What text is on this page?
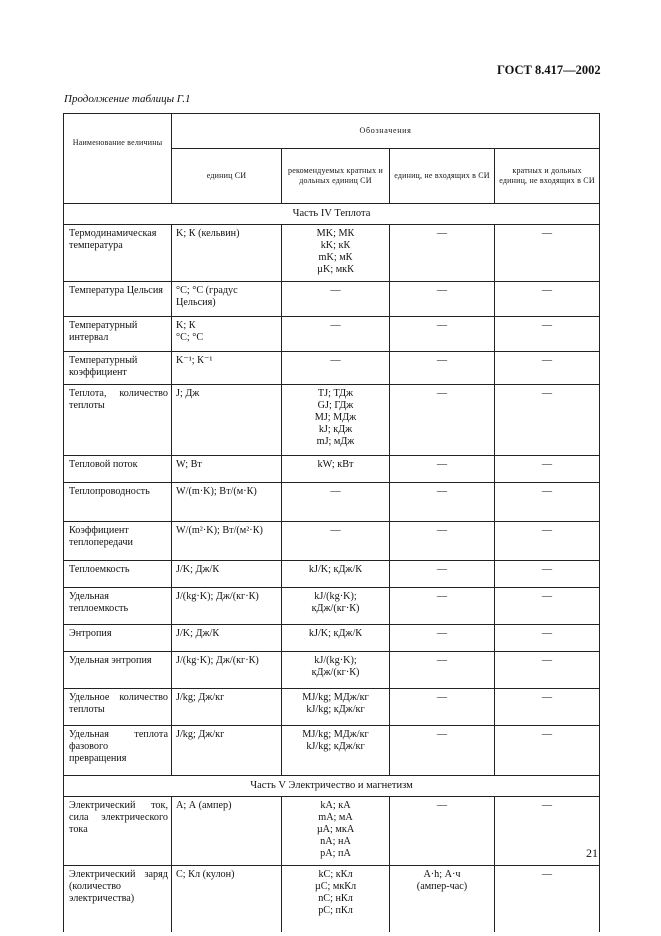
ГОСТ 8.417—2002
Продолжение таблицы Г.1
Наименование величины	Обозначения			
	единиц СИ	рекомендуемых кратных и дольных единиц СИ	единиц, не входящих в СИ	кратных и дольных единиц, не входящих в СИ
Часть IV Теплота				
Термодинамическая температура	K; К (кельвин)	MK; МК
kK; кК
mK; мК
µK; мкК	—	—
Температура Цельсия	°C; °С (градус Цельсия)	—	—	—
Температурный интервал	K; К
°C; °С	—	—	—
Температурный коэффициент	K⁻¹; К⁻¹	—	—	—
Теплота, количество теплоты	J; Дж	TJ; ТДж
GJ; ГДж
MJ; МДж
kJ; кДж
mJ; мДж	—	—
Тепловой поток	W; Вт	kW; кВт	—	—
Теплопроводность	W/(m·K); Вт/(м·К)	—	—	—
Коэффициент теплопередачи	W/(m²·K); Вт/(м²·К)	—	—	—
Теплоемкость	J/K; Дж/К	kJ/K; кДж/К	—	—
Удельная теплоемкость	J/(kg·K); Дж/(кг·К)	kJ/(kg·K);
кДж/(кг·К)	—	—
Энтропия	J/K; Дж/К	kJ/K; кДж/К	—	—
Удельная энтропия	J/(kg·K); Дж/(кг·К)	kJ/(kg·K);
кДж/(кг·К)	—	—
Удельное количество теплоты	J/kg; Дж/кг	MJ/kg; МДж/кг
kJ/kg; кДж/кг	—	—
Удельная теплота фазового превращения	J/kg; Дж/кг	MJ/kg; МДж/кг
kJ/kg; кДж/кг	—	—
Часть V Электричество и магнетизм				
Электрический ток, сила электрического тока	A; А (ампер)	kA; кА
mA; мА
µA; мкА
nA; нА
pA; пА	—	—
Электрический заряд (количество электричества)	C; Кл (кулон)	kC; кКл
µC; мкКл
nC; нКл
pC; пКл	A·h; А·ч
(ампер-час)	—
21
